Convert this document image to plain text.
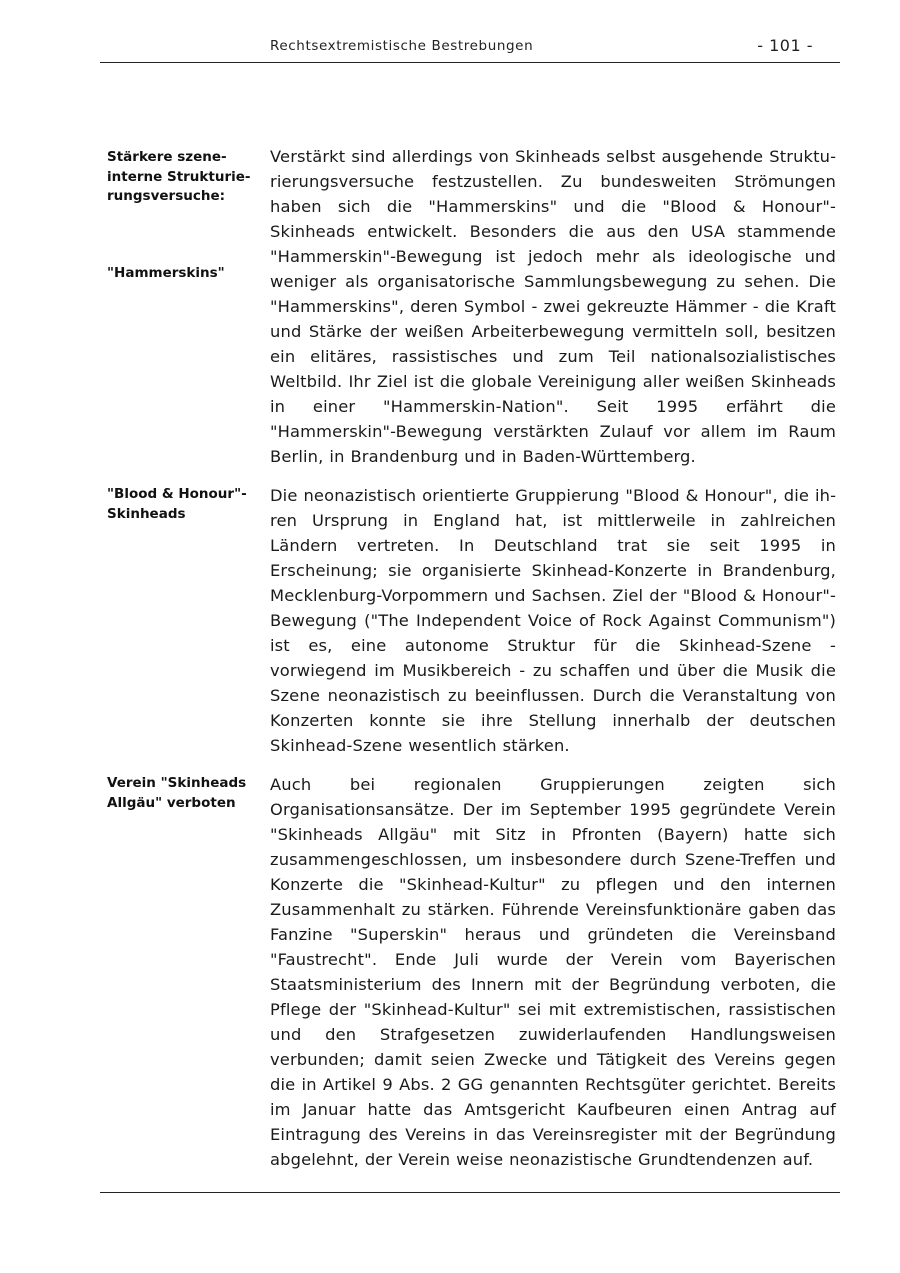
Rechtsextremistische Bestrebungen	- 101 -
Stärkere szeneinterne Strukturierungsversuche:
"Hammerskins"

Verstärkt sind allerdings von Skinheads selbst ausgehende Strukturierungsversuche festzustellen. Zu bundesweiten Strömungen haben sich die "Hammerskins" und die "Blood & Honour"-Skinheads entwickelt. Besonders die aus den USA stammende "Hammerskin"-Bewegung ist jedoch mehr als ideologische und weniger als organisatorische Sammlungsbewegung zu sehen. Die "Hammerskins", deren Symbol - zwei gekreuzte Hämmer - die Kraft und Stärke der weißen Arbeiterbewegung vermitteln soll, besitzen ein elitäres, rassistisches und zum Teil nationalsozialistisches Weltbild. Ihr Ziel ist die globale Vereinigung aller weißen Skinheads in einer "Hammerskin-Nation". Seit 1995 erfährt die "Hammerskin"-Bewegung verstärkten Zulauf vor allem im Raum Berlin, in Brandenburg und in Baden-Württemberg.

"Blood & Honour"-Skinheads

Die neonazistisch orientierte Gruppierung "Blood & Honour", die ihren Ursprung in England hat, ist mittlerweile in zahlreichen Ländern vertreten. In Deutschland trat sie seit 1995 in Erscheinung; sie organisierte Skinhead-Konzerte in Brandenburg, Mecklenburg-Vorpommern und Sachsen. Ziel der "Blood & Honour"-Bewegung ("The Independent Voice of Rock Against Communism") ist es, eine autonome Struktur für die Skinhead-Szene - vorwiegend im Musikbereich - zu schaffen und über die Musik die Szene neonazistisch zu beeinflussen. Durch die Veranstaltung von Konzerten konnte sie ihre Stellung innerhalb der deutschen Skinhead-Szene wesentlich stärken.

Verein "Skinheads Allgäu" verboten

Auch bei regionalen Gruppierungen zeigten sich Organisationsansätze. Der im September 1995 gegründete Verein "Skinheads Allgäu" mit Sitz in Pfronten (Bayern) hatte sich zusammengeschlossen, um insbesondere durch Szene-Treffen und Konzerte die "Skinhead-Kultur" zu pflegen und den internen Zusammenhalt zu stärken. Führende Vereinsfunktionäre gaben das Fanzine "Superskin" heraus und gründeten die Vereinsband "Faustrecht". Ende Juli wurde der Verein vom Bayerischen Staatsministerium des Innern mit der Begründung verboten, die Pflege der "Skinhead-Kultur" sei mit extremistischen, rassistischen und den Strafgesetzen zuwiderlaufenden Handlungsweisen verbunden; damit seien Zwecke und Tätigkeit des Vereins gegen die in Artikel 9 Abs. 2 GG genannten Rechtsgüter gerichtet. Bereits im Januar hatte das Amtsgericht Kaufbeuren einen Antrag auf Eintragung des Vereins in das Vereinsregister mit der Begründung abgelehnt, der Verein weise neonazistische Grundtendenzen auf.
